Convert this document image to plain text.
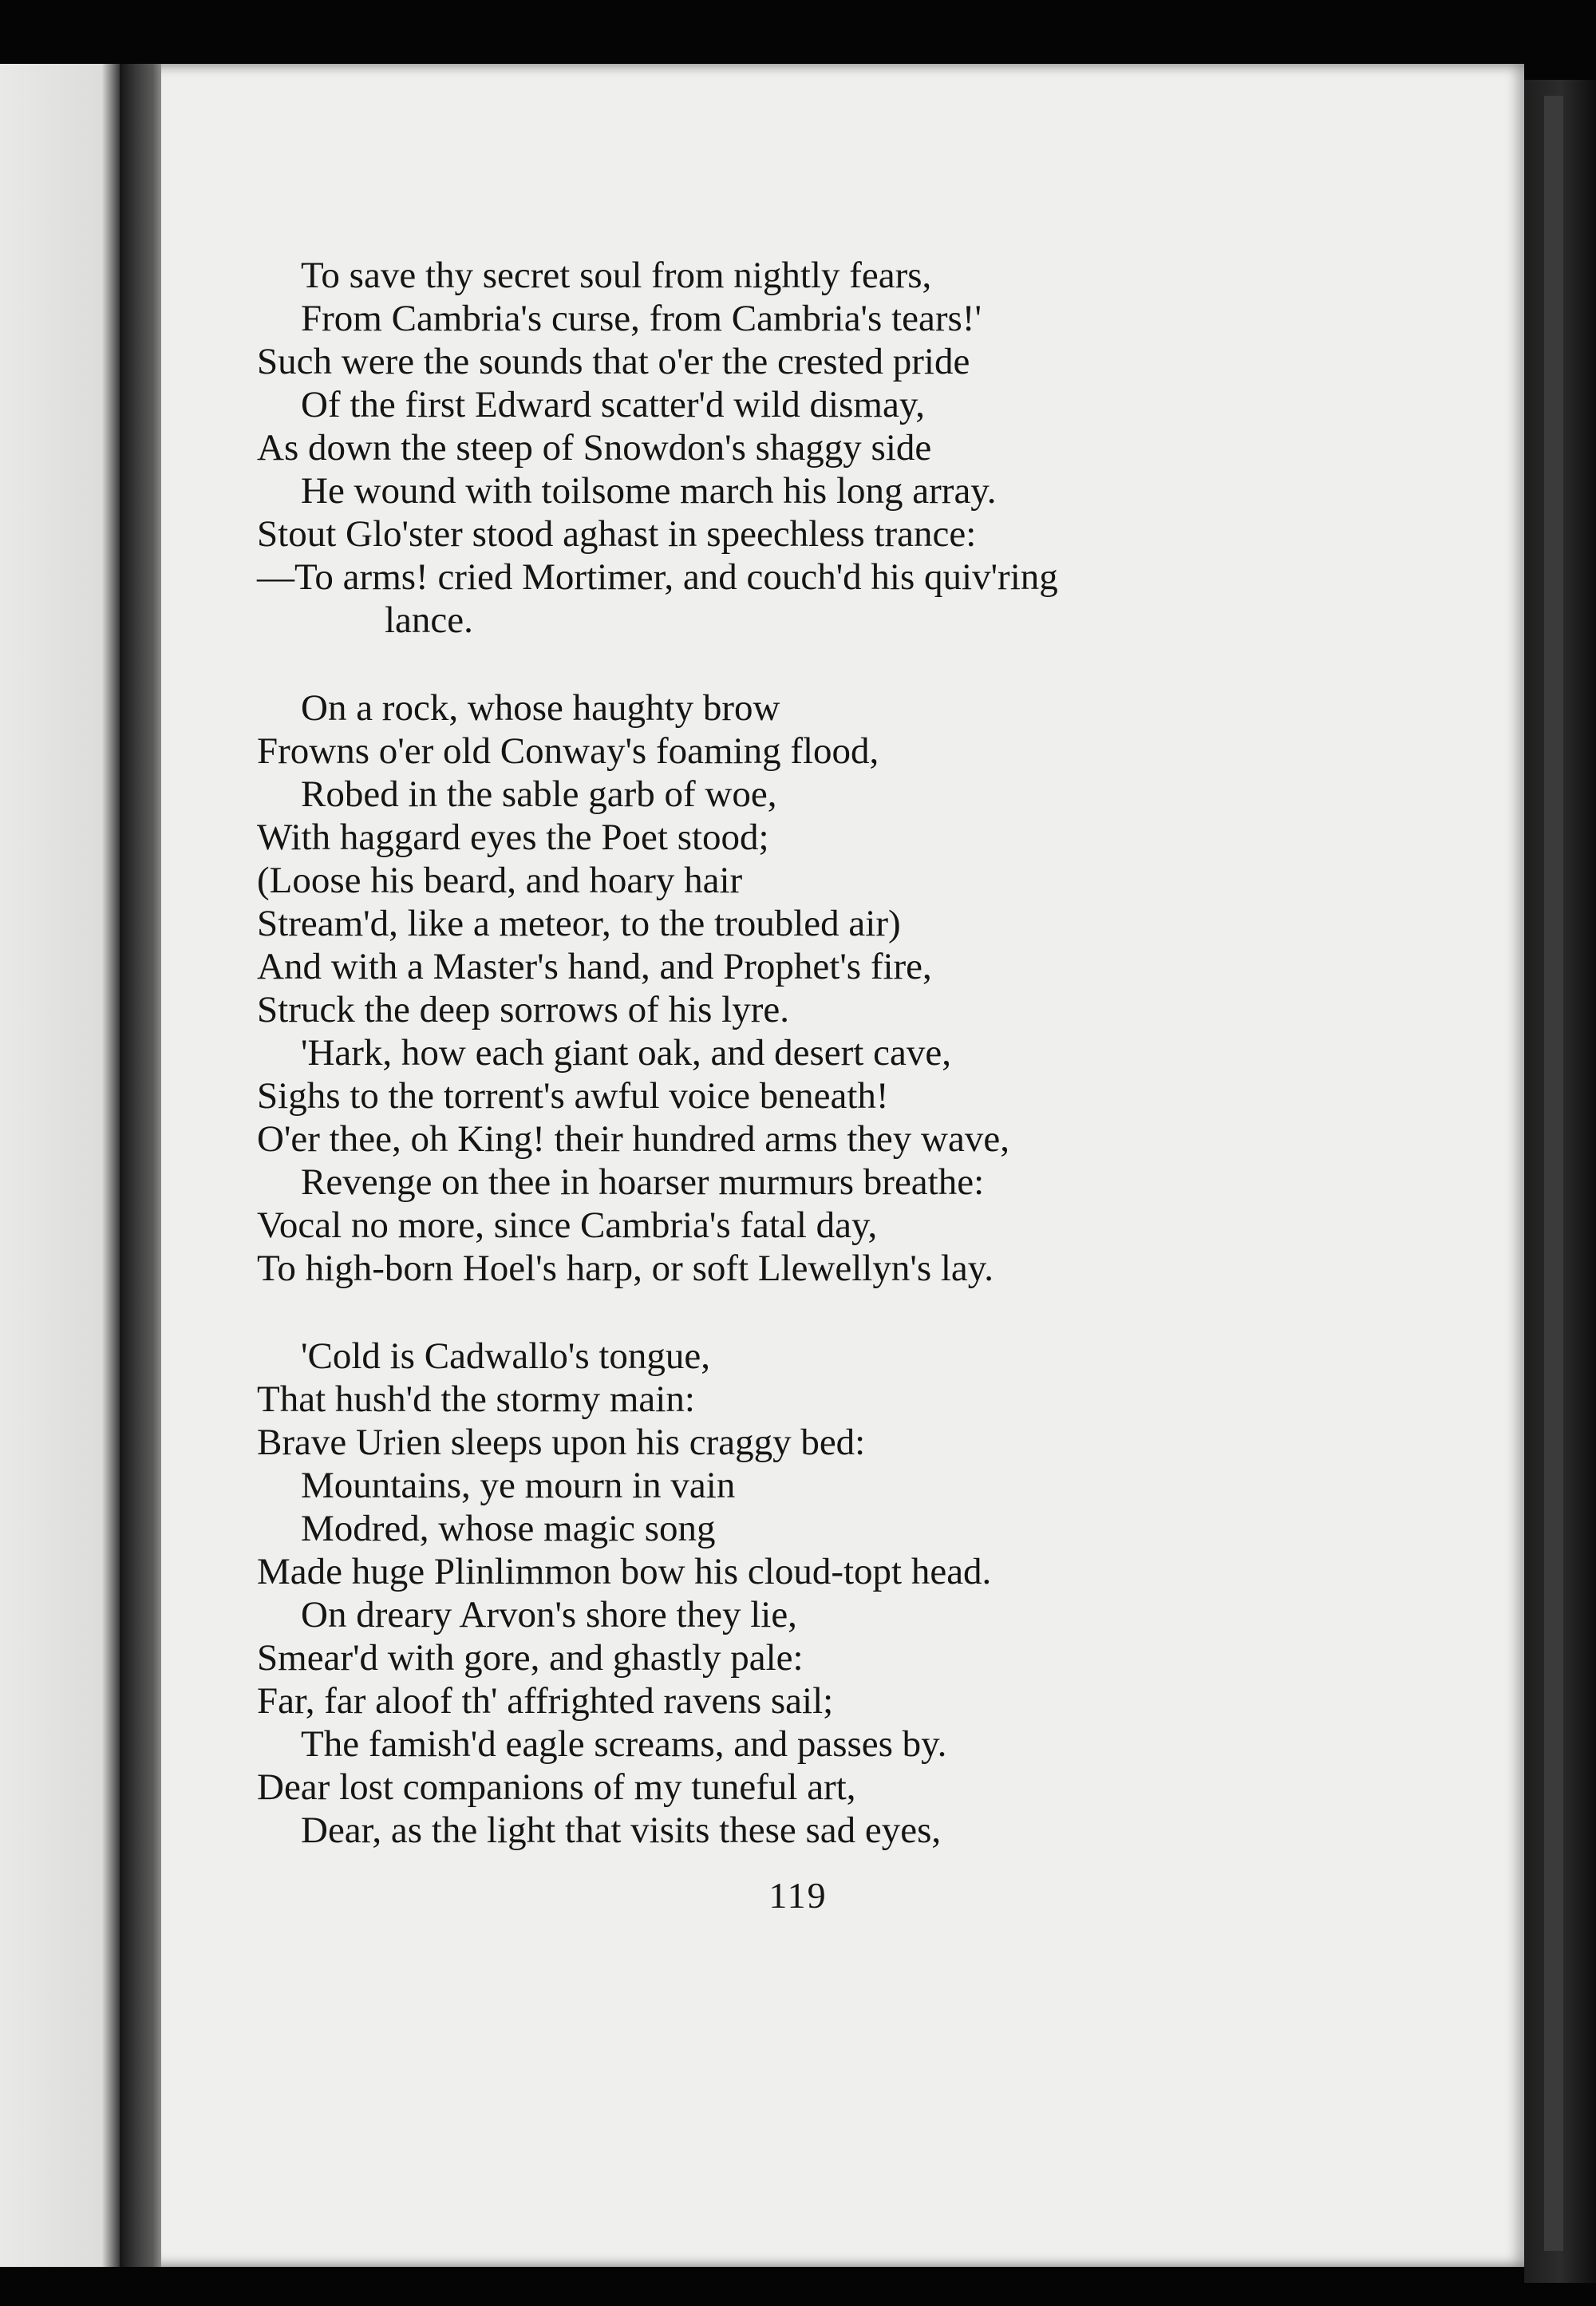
To save thy secret soul from nightly fears,
From Cambria's curse, from Cambria's tears!'
Such were the sounds that o'er the crested pride
Of the first Edward scatter'd wild dismay,
As down the steep of Snowdon's shaggy side
He wound with toilsome march his long array.
Stout Glo'ster stood aghast in speechless trance:
—To arms! cried Mortimer, and couch'd his quiv'ring
lance.
On a rock, whose haughty brow
Frowns o'er old Conway's foaming flood,
Robed in the sable garb of woe,
With haggard eyes the Poet stood;
(Loose his beard, and hoary hair
Stream'd, like a meteor, to the troubled air)
And with a Master's hand, and Prophet's fire,
Struck the deep sorrows of his lyre.
'Hark, how each giant oak, and desert cave,
Sighs to the torrent's awful voice beneath!
O'er thee, oh King! their hundred arms they wave,
Revenge on thee in hoarser murmurs breathe:
Vocal no more, since Cambria's fatal day,
To high-born Hoel's harp, or soft Llewellyn's lay.
'Cold is Cadwallo's tongue,
That hush'd the stormy main:
Brave Urien sleeps upon his craggy bed:
Mountains, ye mourn in vain
Modred, whose magic song
Made huge Plinlimmon bow his cloud-topt head.
On dreary Arvon's shore they lie,
Smear'd with gore, and ghastly pale:
Far, far aloof th' affrighted ravens sail;
The famish'd eagle screams, and passes by.
Dear lost companions of my tuneful art,
Dear, as the light that visits these sad eyes,
119
